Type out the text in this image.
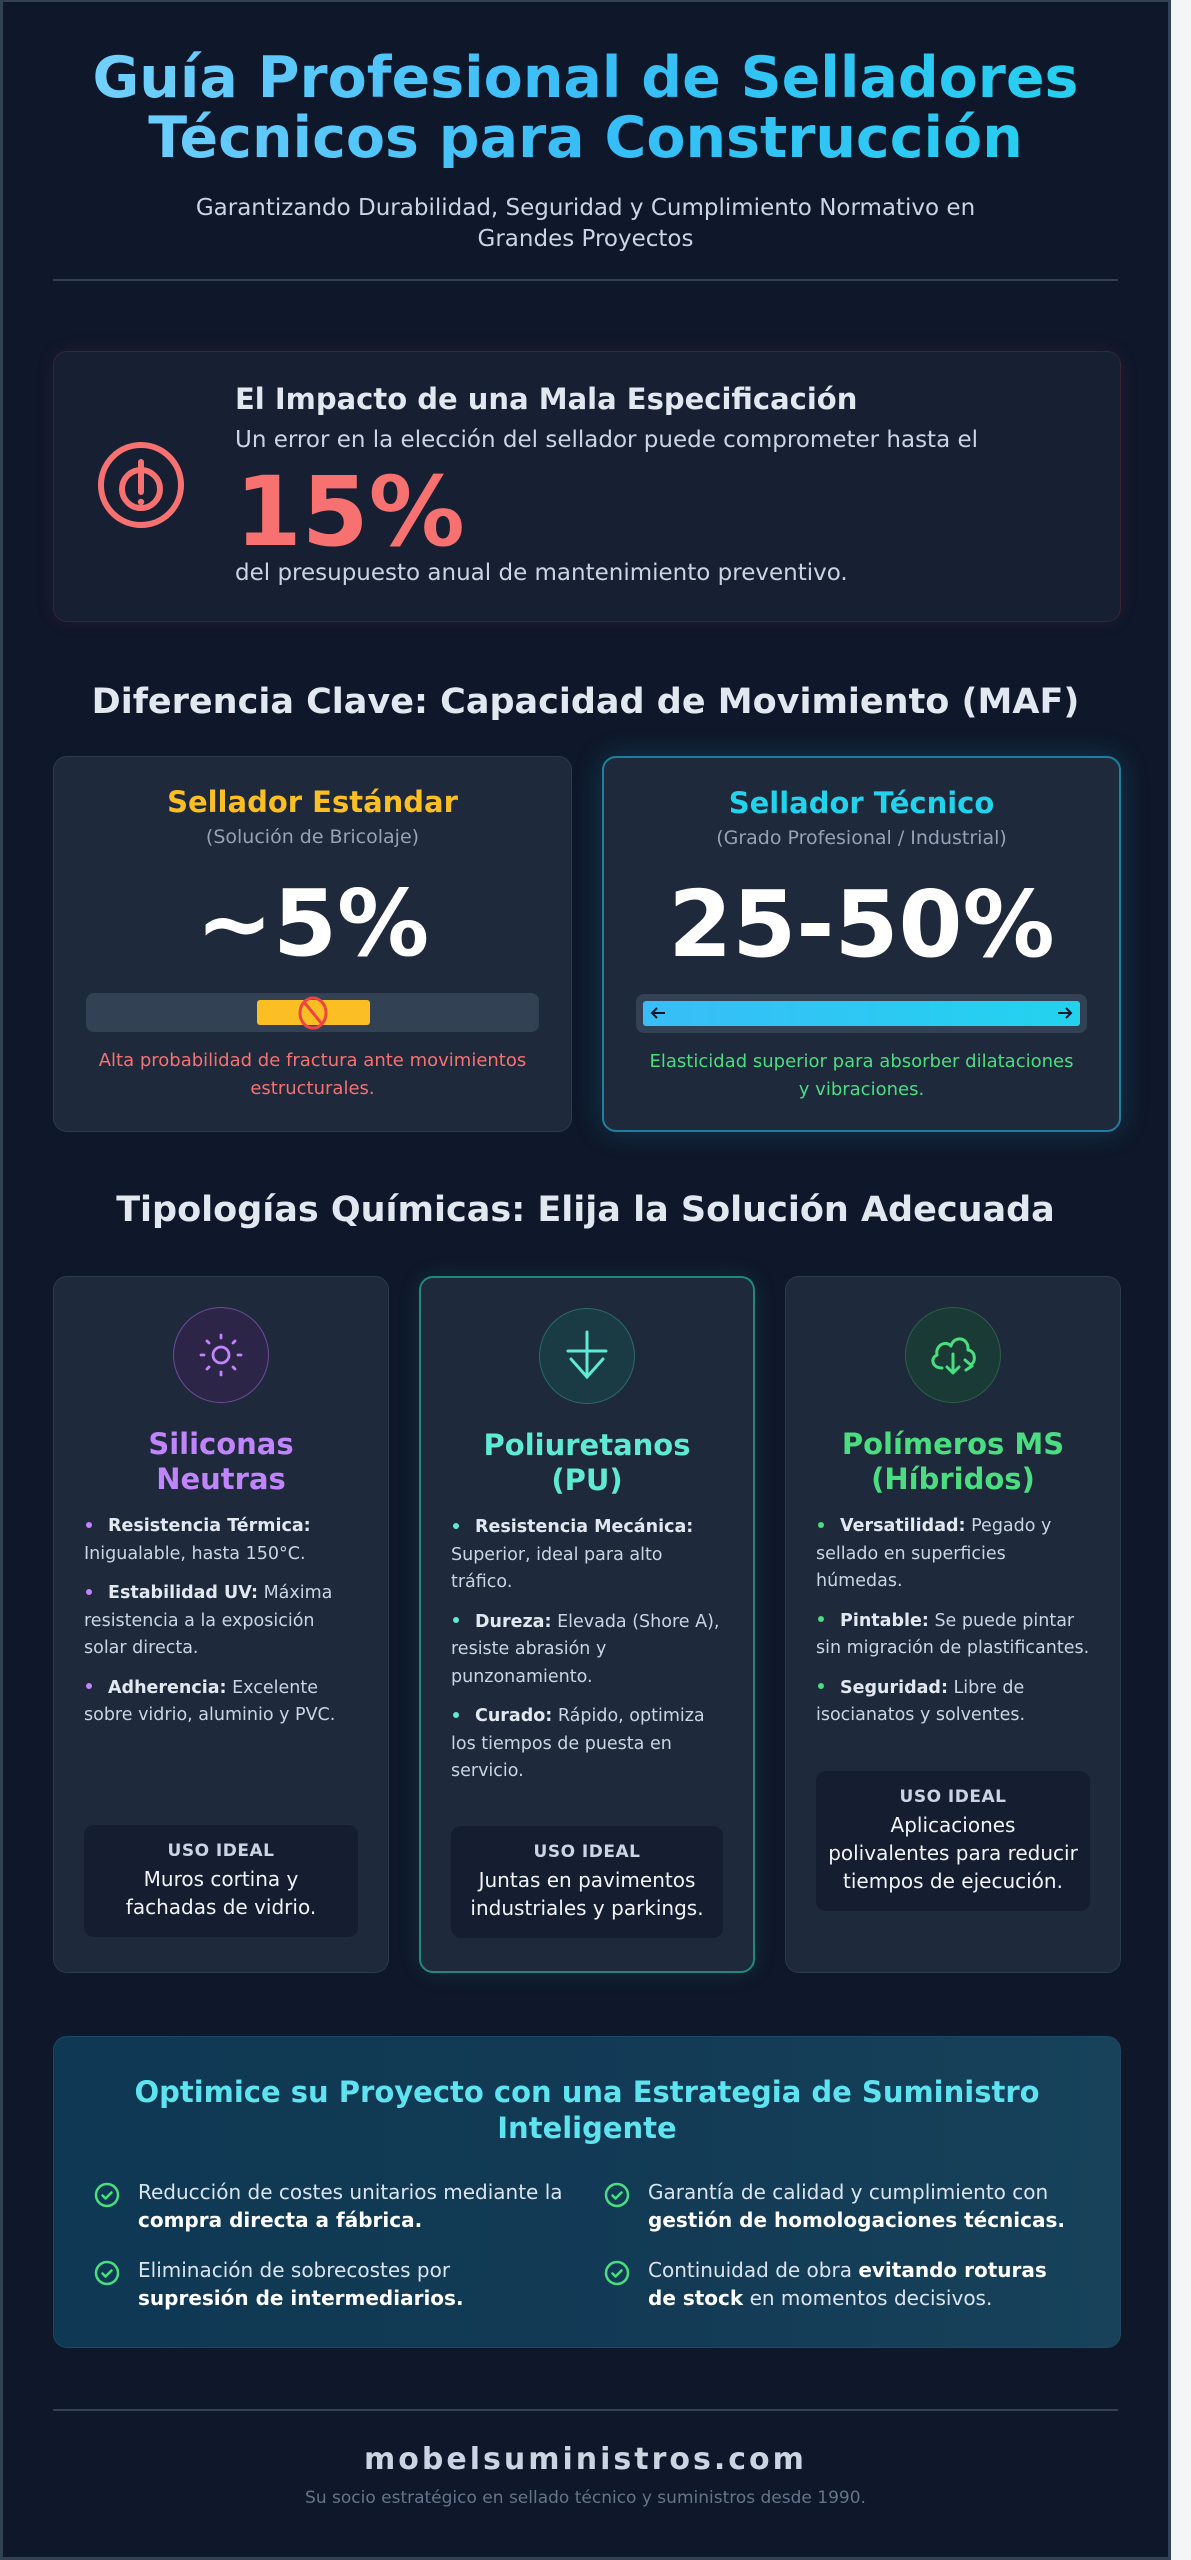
Guía Profesional de Selladores
Técnicos para Construcción

Garantizando Durabilidad, Seguridad y Cumplimiento Normativo en
Grandes Proyectos

El Impacto de una Mala Especificación
Un error en la elección del sellador puede comprometer hasta el
15%
del presupuesto anual de mantenimiento preventivo.
Diferencia Clave: Capacidad de Movimiento (MAF)
Sellador Estándar
(Solución de Bricolaje)
~5%
Alta probabilidad de fractura ante movimientos estructurales.
Sellador Técnico
(Grado Profesional / Industrial)
25-50%
Elasticidad superior para absorber dilataciones y vibraciones.
Tipologías Químicas: Elija la Solución Adecuada
Siliconas
Neutras
Resistencia Térmica: Inigualable, hasta 150°C.
Estabilidad UV: Máxima resistencia a la exposición solar directa.
Adherencia: Excelente sobre vidrio, aluminio y PVC.
USO IDEAL
Muros cortina y fachadas de vidrio.
Poliuretanos
(PU)
Resistencia Mecánica: Superior, ideal para alto tráfico.
Dureza: Elevada (Shore A), resiste abrasión y punzonamiento.
Curado: Rápido, optimiza los tiempos de puesta en servicio.
USO IDEAL
Juntas en pavimentos industriales y parkings.
Polímeros MS
(Híbridos)
Versatilidad: Pegado y sellado en superficies húmedas.
Pintable: Se puede pintar sin migración de plastificantes.
Seguridad: Libre de isocianatos y solventes.
USO IDEAL
Aplicaciones polivalentes para reducir tiempos de ejecución.
Optimice su Proyecto con una Estrategia de Suministro
Inteligente
Reducción de costes unitarios mediante la compra directa a fábrica.
Garantía de calidad y cumplimiento con gestión de homologaciones técnicas.
Eliminación de sobrecostes por supresión de intermediarios.
Continuidad de obra evitando roturas de stock en momentos decisivos.
mobelsuministros.com
Su socio estratégico en sellado técnico y suministros desde 1990.
